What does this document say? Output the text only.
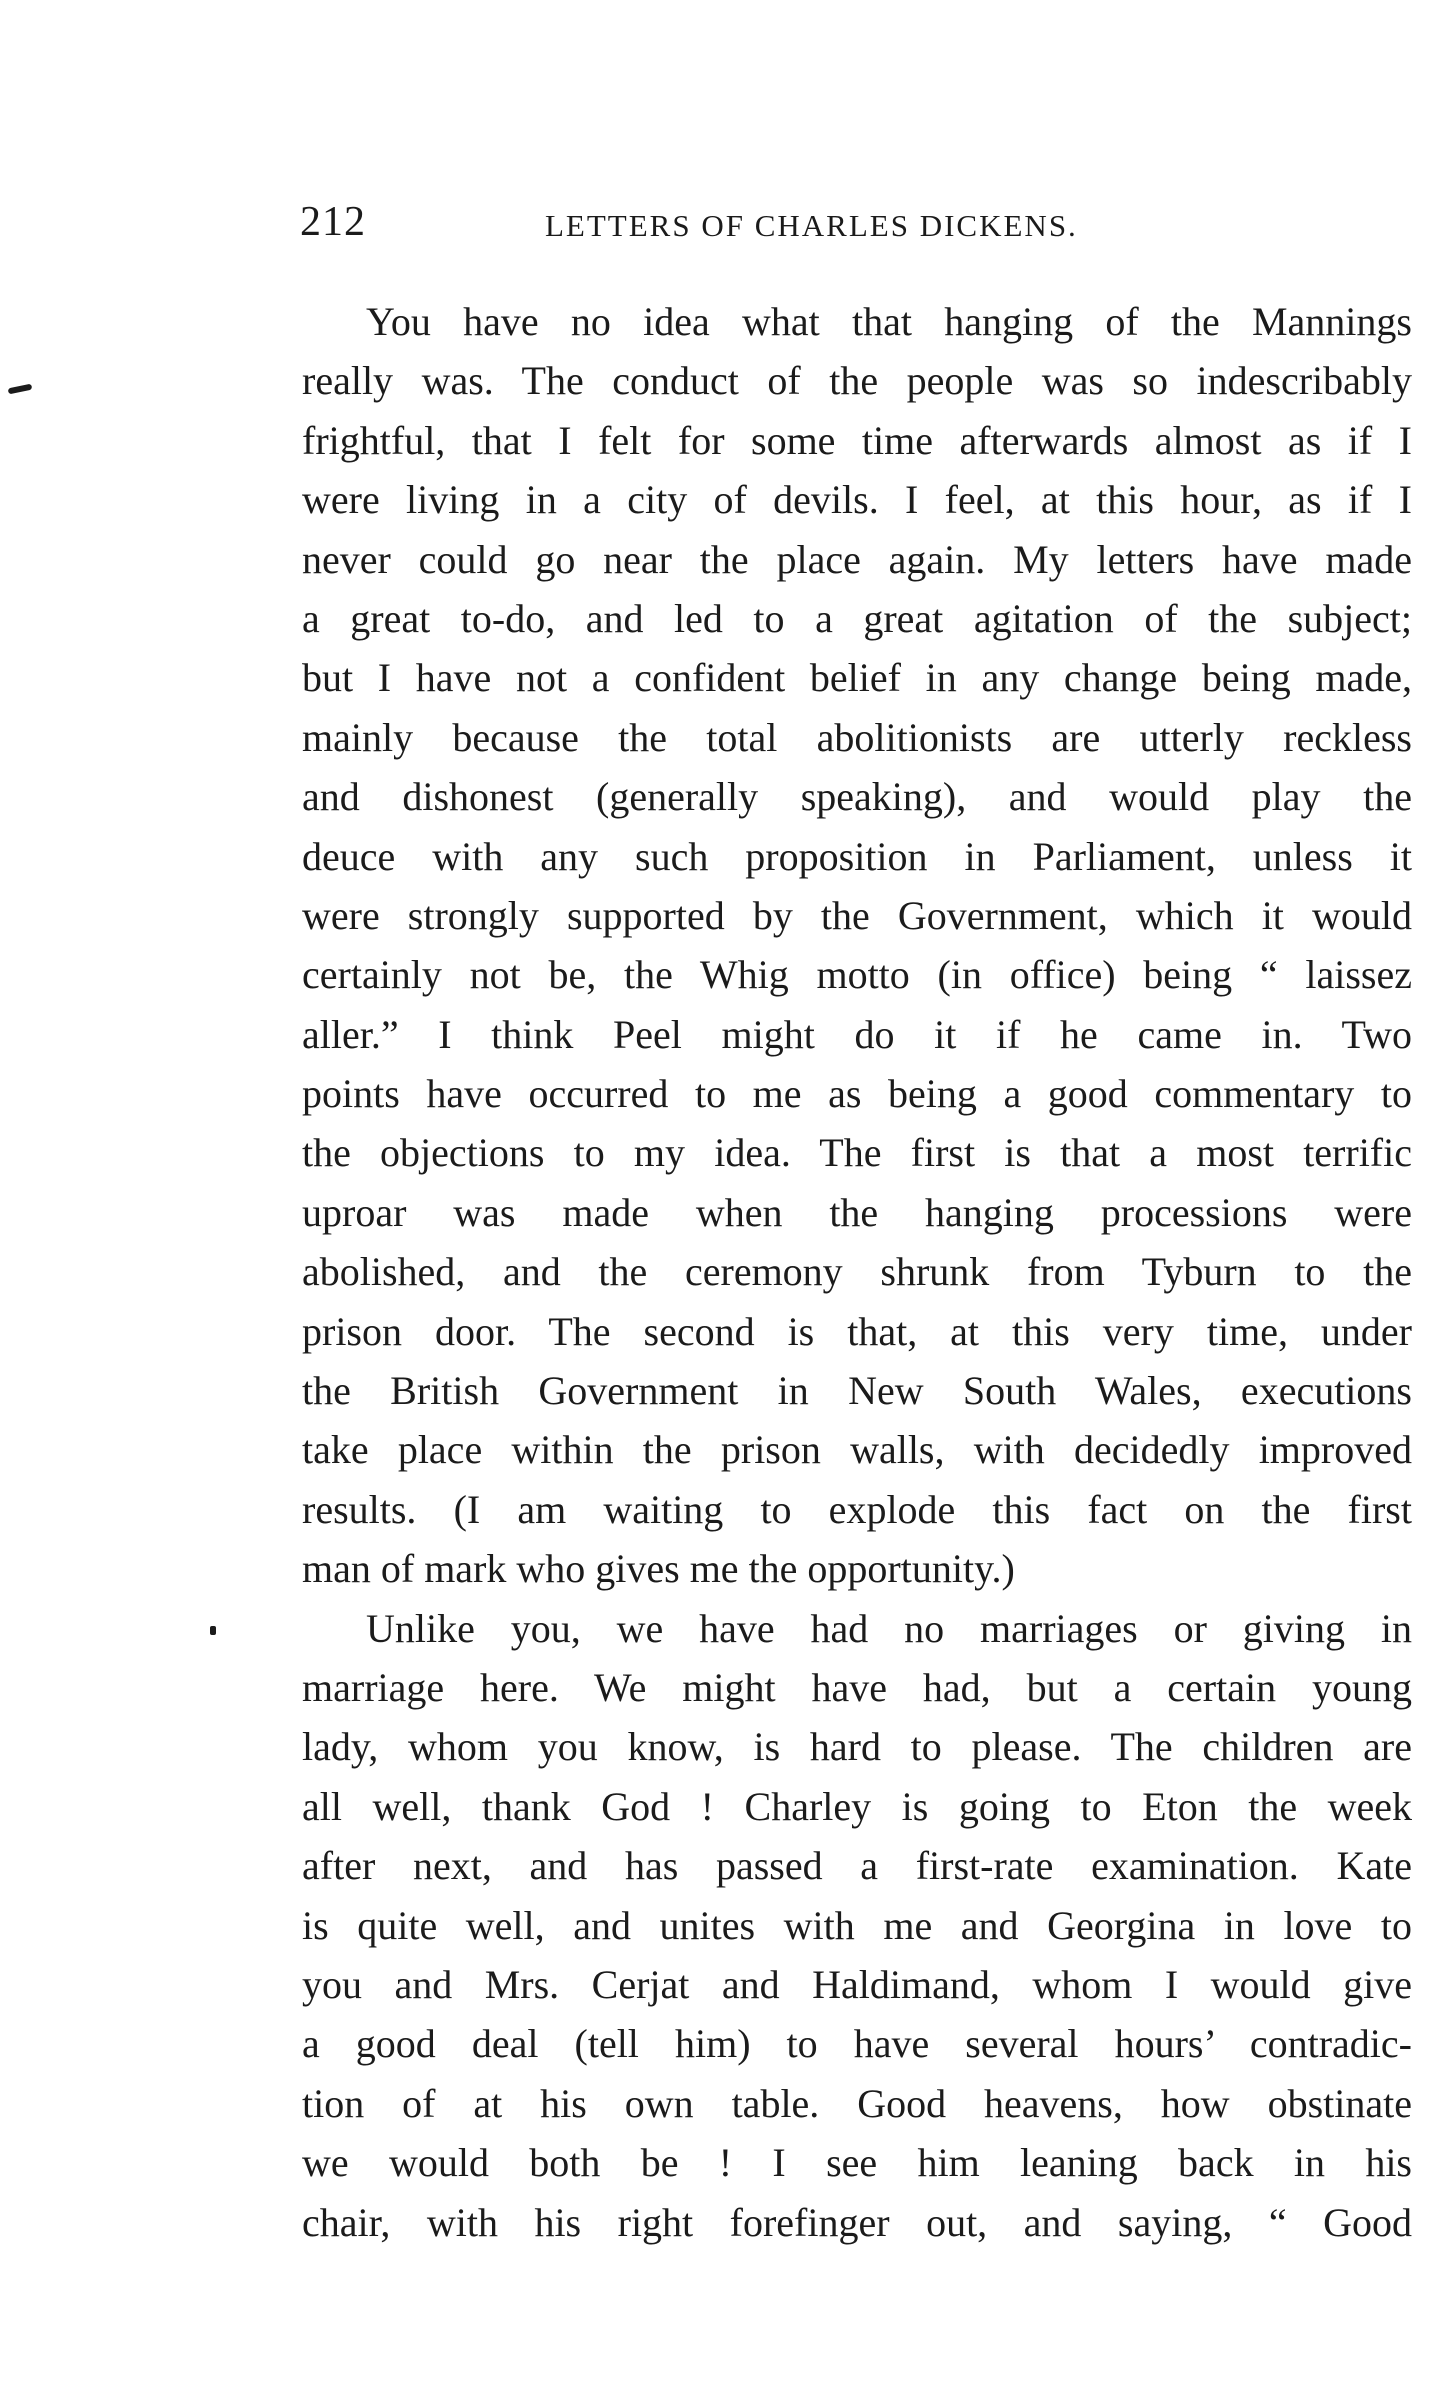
212	LETTERS OF CHARLES DICKENS.
You have no idea what that hanging of the Mannings
really was. The conduct of the people was so indescribably
frightful, that I felt for some time afterwards almost as if I
were living in a city of devils. I feel, at this hour, as if I
never could go near the place again. My letters have made
a great to-do, and led to a great agitation of the subject;
but I have not a confident belief in any change being made,
mainly because the total abolitionists are utterly reckless
and dishonest (generally speaking), and would play the
deuce with any such proposition in Parliament, unless it
were strongly supported by the Government, which it would
certainly not be, the Whig motto (in office) being “ laissez
aller.” I think Peel might do it if he came in. Two
points have occurred to me as being a good commentary to
the objections to my idea. The first is that a most terrific
uproar was made when the hanging processions were
abolished, and the ceremony shrunk from Tyburn to the
prison door. The second is that, at this very time, under
the British Government in New South Wales, executions
take place within the prison walls, with decidedly improved
results. (I am waiting to explode this fact on the first
man of mark who gives me the opportunity.)
Unlike you, we have had no marriages or giving in
marriage here. We might have had, but a certain young
lady, whom you know, is hard to please. The children are
all well, thank God ! Charley is going to Eton the week
after next, and has passed a first-rate examination. Kate
is quite well, and unites with me and Georgina in love to
you and Mrs. Cerjat and Haldimand, whom I would give
a good deal (tell him) to have several hours’ contradic-
tion of at his own table. Good heavens, how obstinate
we would both be ! I see him leaning back in his
chair, with his right forefinger out, and saying, “ Good
